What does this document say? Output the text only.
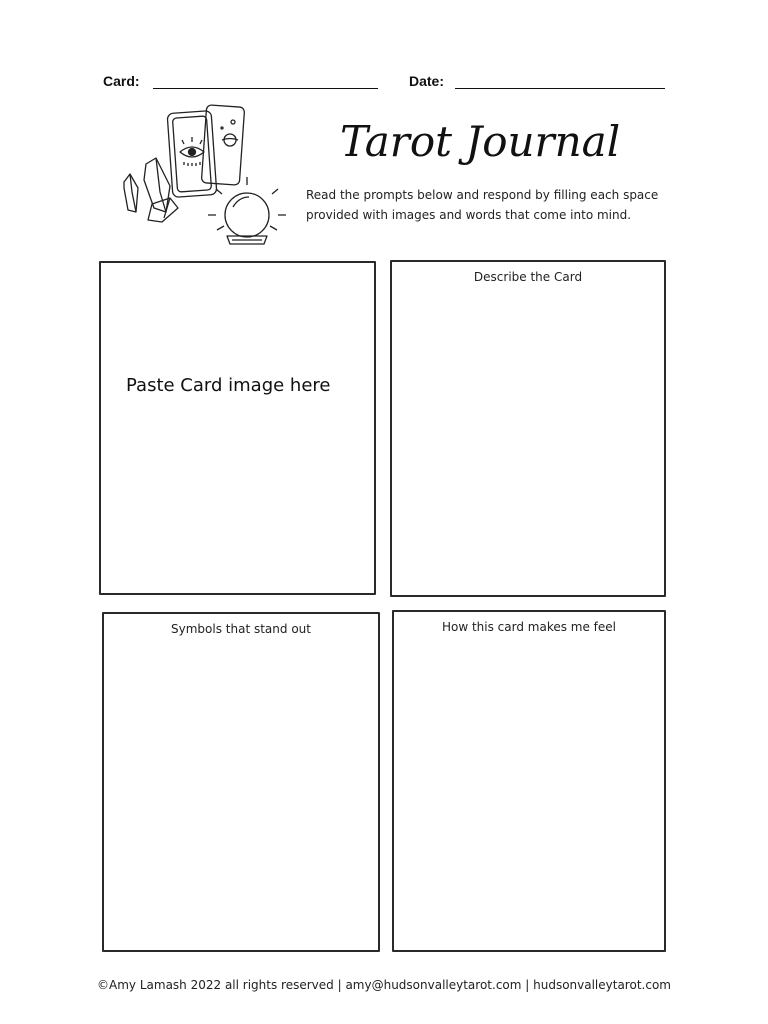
Card:	Date:
Tarot Journal
Read the prompts below and respond by filling each space provided with images and words that come into mind.
Paste Card image here
Describe the Card
Symbols that stand out	How this card makes me feel
©Amy Lamash 2022 all rights reserved | amy@hudsonvalleytarot.com | hudsonvalleytarot.com
